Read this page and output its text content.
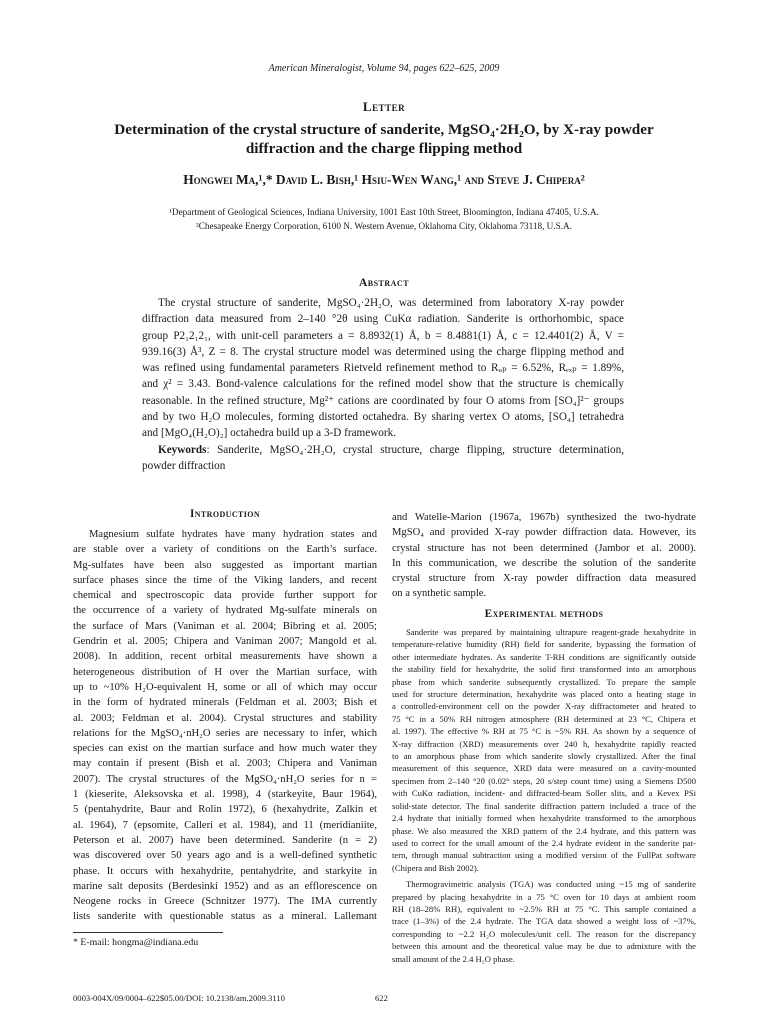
American Mineralogist, Volume 94, pages 622–625, 2009
Letter
Determination of the crystal structure of sanderite, MgSO₄·2H₂O, by X-ray powder
diffraction and the charge flipping method
Hongwei Ma,¹,* David L. Bish,¹ Hsiu-Wen Wang,¹ and Steve J. Chipera²
¹Department of Geological Sciences, Indiana University, 1001 East 10th Street, Bloomington, Indiana 47405, U.S.A.
²Chesapeake Energy Corporation, 6100 N. Western Avenue, Oklahoma City, Oklahoma 73118, U.S.A.
Abstract
The crystal structure of sanderite, MgSO₄·2H₂O, was determined from laboratory X-ray powder
diffraction data measured from 2–140 °2θ using CuKα radiation. Sanderite is orthorhombic, space
group P2₁2₁2₁, with unit-cell parameters a = 8.8932(1) Å, b = 8.4881(1) Å, c = 12.4401(2) Å, V =
939.16(3) Å³, Z = 8. The crystal structure model was determined using the charge flipping method and
was refined using fundamental parameters Rietveld refinement method to Rᵤₚ = 6.52%, Rₑₓₚ = 1.89%,
and χ² = 3.43. Bond-valence calculations for the refined model show that the structure is chemically
reasonable. In the refined structure, Mg²⁺ cations are coordinated by four O atoms from [SO₄]²⁻ groups
and by two H₂O molecules, forming distorted octahedra. By sharing vertex O atoms, [SO₄] tetrahedra
and [MgO₄(H₂O)₂] octahedra build up a 3-D framework.
Keywords: Sanderite, MgSO₄·2H₂O, crystal structure, charge flipping, structure determination,
powder diffraction
Introduction
Magnesium sulfate hydrates have many hydration states and
are stable over a variety of conditions on the Earth’s surface.
Mg-sulfates have been also suggested as important martian
surface phases since the time of the Viking landers, and recent
chemical and spectroscopic data provide further support for
the occurrence of a variety of hydrated Mg-sulfate minerals on
the surface of Mars (Vaniman et al. 2004; Bibring et al. 2005;
Gendrin et al. 2005; Chipera and Vaniman 2007; Mangold et al.
2008). In addition, recent orbital measurements have shown a
heterogeneous distribution of H over the Martian surface, with
up to ~10% H₂O-equivalent H, some or all of which may occur
in the form of hydrated minerals (Feldman et al. 2003; Bish et
al. 2003; Feldman et al. 2004). Crystal structures and stability
relations for the MgSO₄·nH₂O series are necessary to infer, which
species can exist on the martian surface and how much water they
may contain if present (Bish et al. 2003; Chipera and Vaniman
2007). The crystal structures of the MgSO₄·nH₂O series for n =
1 (kieserite, Aleksovska et al. 1998), 4 (starkeyite, Baur 1964),
5 (pentahydrite, Baur and Rolin 1972), 6 (hexahydrite, Zalkin et
al. 1964), 7 (epsomite, Calleri et al. 1984), and 11 (meridianiite,
Peterson et al. 2007) have been determined. Sanderite (n = 2)
was discovered over 50 years ago and is a well-defined synthetic
phase. It occurs with hexahydrite, pentahydrite, and starkyite in
marine salt deposits (Berdesinki 1952) and as an efflorescence on
Neogene rocks in Greece (Schnitzer 1977). The IMA currently
lists sanderite with questionable status as a mineral. Lallemant
and Watelle-Marion (1967a, 1967b) synthesized the two-hydrate
MgSO₄ and provided X-ray powder diffraction data. However, its
crystal structure has not been determined (Jambor et al. 2000).
In this communication, we describe the solution of the sanderite
crystal structure from X-ray powder diffraction data measured
on a synthetic sample.
Experimental methods
Sanderite was prepared by maintaining ultrapure reagent-grade hexahydrite in
temperature-relative humidity (RH) field for sanderite, bypassing the formation of
other intermediate hydrates. As sanderite T-RH conditions are significantly outside
the stability field for hexahydrite, the solid first transformed into an amorphous
phase from which sanderite subsequently crystallized. To prepare the sample
used for structure determination, hexahydrite was placed onto a heating stage in
a controlled-environment cell on the powder X-ray diffractometer and heated to
75 °C in a 50% RH nitrogen atmosphere (RH determined at 23 °C, Chipera et
al. 1997). The effective % RH at 75 °C is ~5% RH. As shown by a sequence of
X-ray diffraction (XRD) measurements over 240 h, hexahydrite rapidly reacted
to an amorphous phase from which sanderite slowly crystallized. After the final
measurement of this sequence, XRD data were measured on a cavity-mounted
specimen from 2–140 °2θ (0.02° steps, 20 s/step count time) using a Siemens D500
with CuKα radiation, incident- and diffracted-beam Soller slits, and a Kevex PSi
solid-state detector. The final sanderite diffraction pattern included a trace of the
2.4 hydrate that initially formed when hexahydrite transformed to the amorphous
phase. We also measured the XRD pattern of the 2.4 hydrate, and this pattern was
used to correct for the small amount of the 2.4 hydrate evident in the sanderite pat-
tern, through manual subtraction using a modified version of the FullPat software
(Chipera and Bish 2002).
Thermogravimetric analysis (TGA) was conducted using ~15 mg of sanderite
prepared by placing hexahydrite in a 75 °C oven for 10 days at ambient room
RH (18–28% RH), equivalent to ~2.5% RH at 75 °C. This sample contained a
trace (1–3%) of the 2.4 hydrate. The TGA data showed a weight loss of ~37%,
corresponding to ~2.2 H₂O molecules/unit cell. The reason for the discrepancy
between this amount and the theoretical value may be due to admixture with the
small amount of the 2.4 H₂O phase.
* E-mail: hongma@indiana.edu
0003-004X/09/0004–622$05.00/DOI: 10.2138/am.2009.3110	622
